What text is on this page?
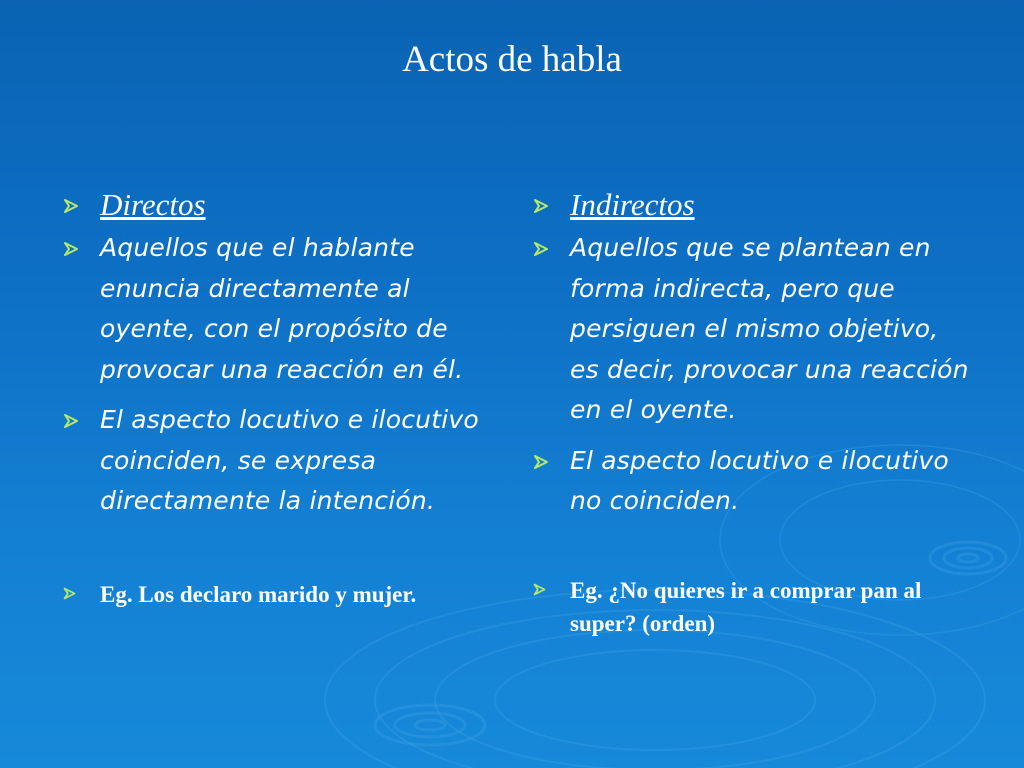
Actos de habla
Directos
Aquellos que el hablante enuncia directamente al oyente, con el propósito de provocar una reacción en él.
El aspecto locutivo e ilocutivo coinciden, se expresa directamente la intención.
Eg. Los declaro marido y mujer.
Indirectos
Aquellos que se plantean en forma indirecta, pero que persiguen el mismo objetivo, es decir, provocar una reacción en el oyente.
El aspecto locutivo e ilocutivo no coinciden.
Eg. ¿No quieres ir a comprar pan al super? (orden)
